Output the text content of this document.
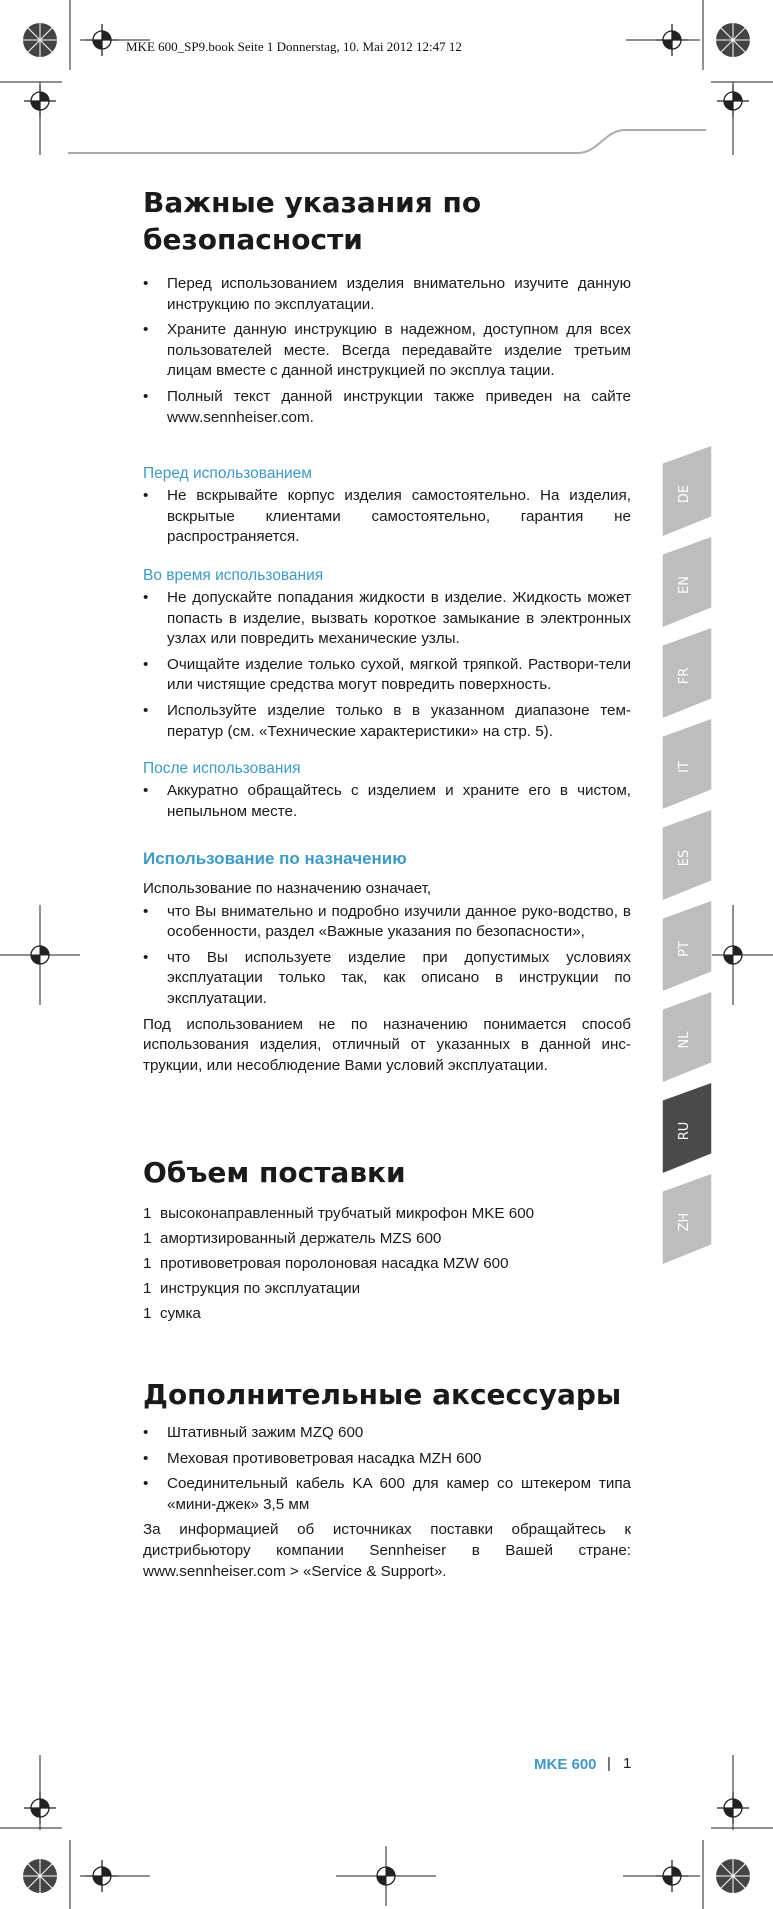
MKE 600_SP9.book Seite 1 Donnerstag, 10. Mai 2012 12:47 12
DE
EN
FR
IT
ES
PT
NL
RU
ZH
Важные указания по
безопасности
• Перед использованием изделия внимательно изучите данную инструкцию по эксплуатации.
• Храните данную инструкцию в надежном, доступном для всех пользователей месте. Всегда передавайте изделие третьим лицам вместе с данной инструкцией по эксплуа тации.
• Полный текст данной инструкции также приведен на сайте www.sennheiser.com.

Перед использованием

• Не вскрывайте корпус изделия самостоятельно. На изделия, вскрытые клиентами самостоятельно, гарантия не распространяется.

Во время использования

• Не допускайте попадания жидкости в изделие. Жидкость может попасть в изделие, вызвать короткое замыкание в электронных узлах или повредить механические узлы.
• Очищайте изделие только сухой, мягкой тряпкой. Раствори-тели или чистящие средства могут повредить поверхность.
• Используйте изделие только в в указанном диапазоне тем-ператур (см. «Технические характеристики» на стр. 5).

После использования

• Аккуратно обращайтесь с изделием и храните его в чистом, непыльном месте.

Использование по назначению

Использование по назначению означает,

• что Вы внимательно и подробно изучили данное руко-водство, в особенности, раздел «Важные указания по безопасности»,
• что Вы используете изделие при допустимых условиях эксплуатации только так, как описано в инструкции по эксплуатации.

Под использованием не по назначению понимается способ использования изделия, отличный от указанных в данной инс-трукции, или несоблюдение Вами условий эксплуатации.

Объем поставки
1 высоконаправленный трубчатый микрофон MKE 600
1 амортизированный держатель MZS 600
1 противоветровая поролоновая насадка MZW 600
1 инструкция по эксплуатации
1 сумка
Дополнительные аксессуары
• Штативный зажим MZQ 600
• Меховая противоветровая насадка MZH 600
• Соединительный кабель KA 600 для камер со штекером типа «мини-джек» 3,5 мм

За информацией об источниках поставки обращайтесь к дистрибьютору компании Sennheiser в Вашей стране: www.sennheiser.com > «Service & Support».

MKE 600 | 1
